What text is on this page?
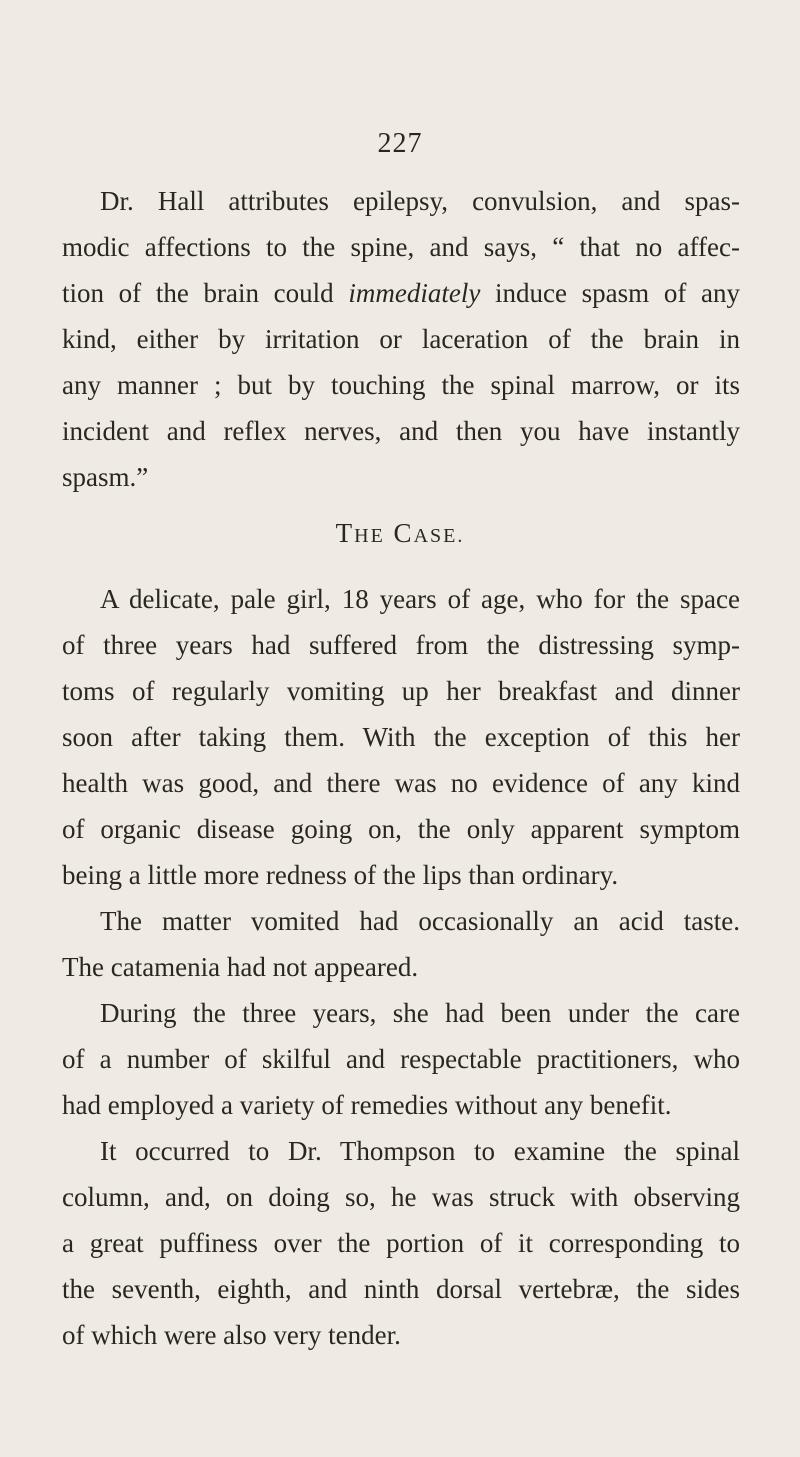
227
Dr. Hall attributes epilepsy, convulsion, and spas-
modic affections to the spine, and says, “ that no affec-
tion of the brain could immediately induce spasm of any
kind, either by irritation or laceration of the brain in
any manner ; but by touching the spinal marrow, or its
incident and reflex nerves, and then you have instantly
spasm.”
THE CASE.
A delicate, pale girl, 18 years of age, who for the space
of three years had suffered from the distressing symp-
toms of regularly vomiting up her breakfast and dinner
soon after taking them. With the exception of this her
health was good, and there was no evidence of any kind
of organic disease going on, the only apparent symptom
being a little more redness of the lips than ordinary.
The matter vomited had occasionally an acid taste.
The catamenia had not appeared.
During the three years, she had been under the care
of a number of skilful and respectable practitioners, who
had employed a variety of remedies without any benefit.
It occurred to Dr. Thompson to examine the spinal
column, and, on doing so, he was struck with observing
a great puffiness over the portion of it corresponding to
the seventh, eighth, and ninth dorsal vertebræ, the sides
of which were also very tender.
